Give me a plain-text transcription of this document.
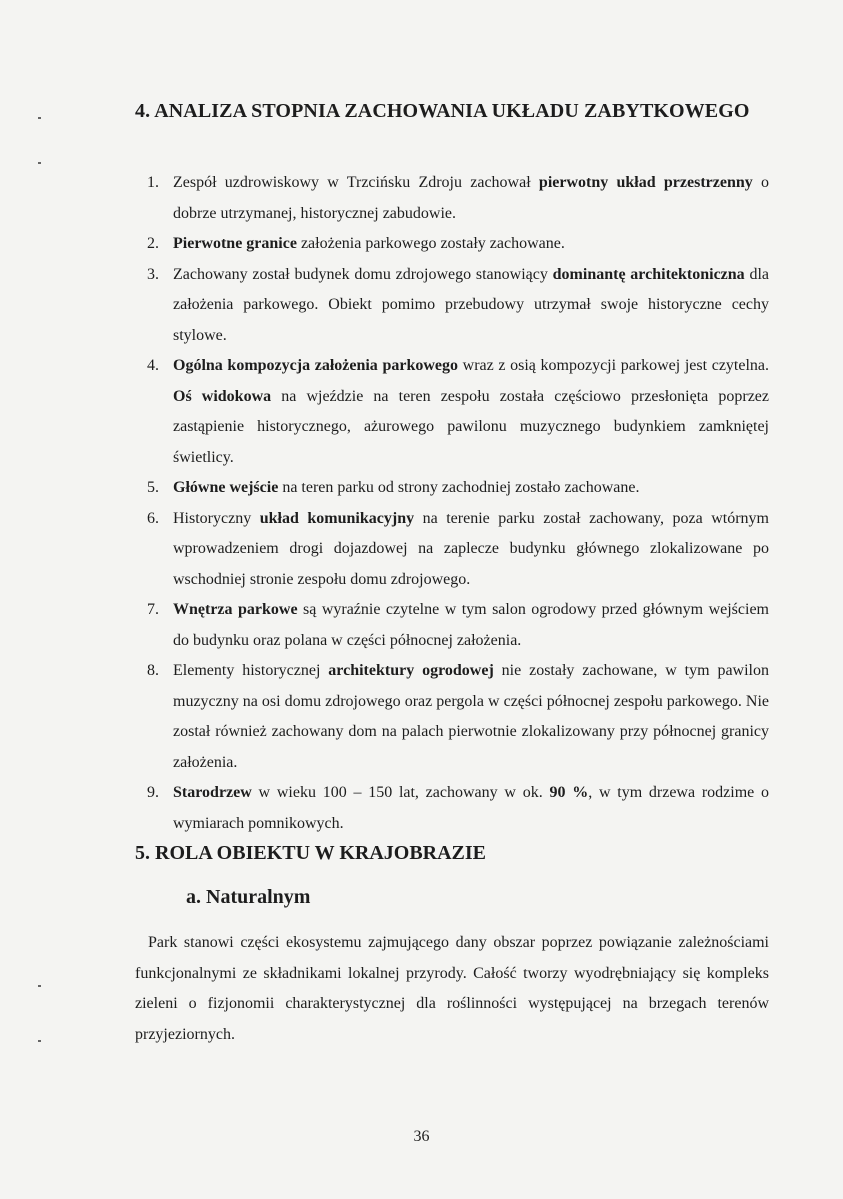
4. ANALIZA STOPNIA ZACHOWANIA UKŁADU ZABYTKOWEGO
1. Zespół uzdrowiskowy w Trzcińsku Zdroju zachował pierwotny układ przestrzenny o dobrze utrzymanej, historycznej zabudowie.
2. Pierwotne granice założenia parkowego zostały zachowane.
3. Zachowany został budynek domu zdrojowego stanowiący dominantę architektoniczna dla założenia parkowego. Obiekt pomimo przebudowy utrzymał swoje historyczne cechy stylowe.
4. Ogólna kompozycja założenia parkowego wraz z osią kompozycji parkowej jest czytelna. Oś widokowa na wjeździe na teren zespołu została częściowo przesłonięta poprzez zastąpienie historycznego, ażurowego pawilonu muzycznego budynkiem zamkniętej świetlicy.
5. Główne wejście na teren parku od strony zachodniej zostało zachowane.
6. Historyczny układ komunikacyjny na terenie parku został zachowany, poza wtórnym wprowadzeniem drogi dojazdowej na zaplecze budynku głównego zlokalizowane po wschodniej stronie zespołu domu zdrojowego.
7. Wnętrza parkowe są wyraźnie czytelne w tym salon ogrodowy przed głównym wejściem do budynku oraz polana w części północnej założenia.
8. Elementy historycznej architektury ogrodowej nie zostały zachowane, w tym pawilon muzyczny na osi domu zdrojowego oraz pergola w części północnej zespołu parkowego. Nie został również zachowany dom na palach pierwotnie zlokalizowany przy północnej granicy założenia.
9. Starodrzew w wieku 100 – 150 lat, zachowany w ok. 90 %, w tym drzewa rodzime o wymiarach pomnikowych.
5. ROLA OBIEKTU W KRAJOBRAZIE
a. Naturalnym

Park stanowi części ekosystemu zajmującego dany obszar poprzez powiązanie zależnościami funkcjonalnymi ze składnikami lokalnej przyrody. Całość tworzy wyodrębniający się kompleks zieleni o fizjonomii charakterystycznej dla roślinności występującej na brzegach terenów przyjeziornych.

36
